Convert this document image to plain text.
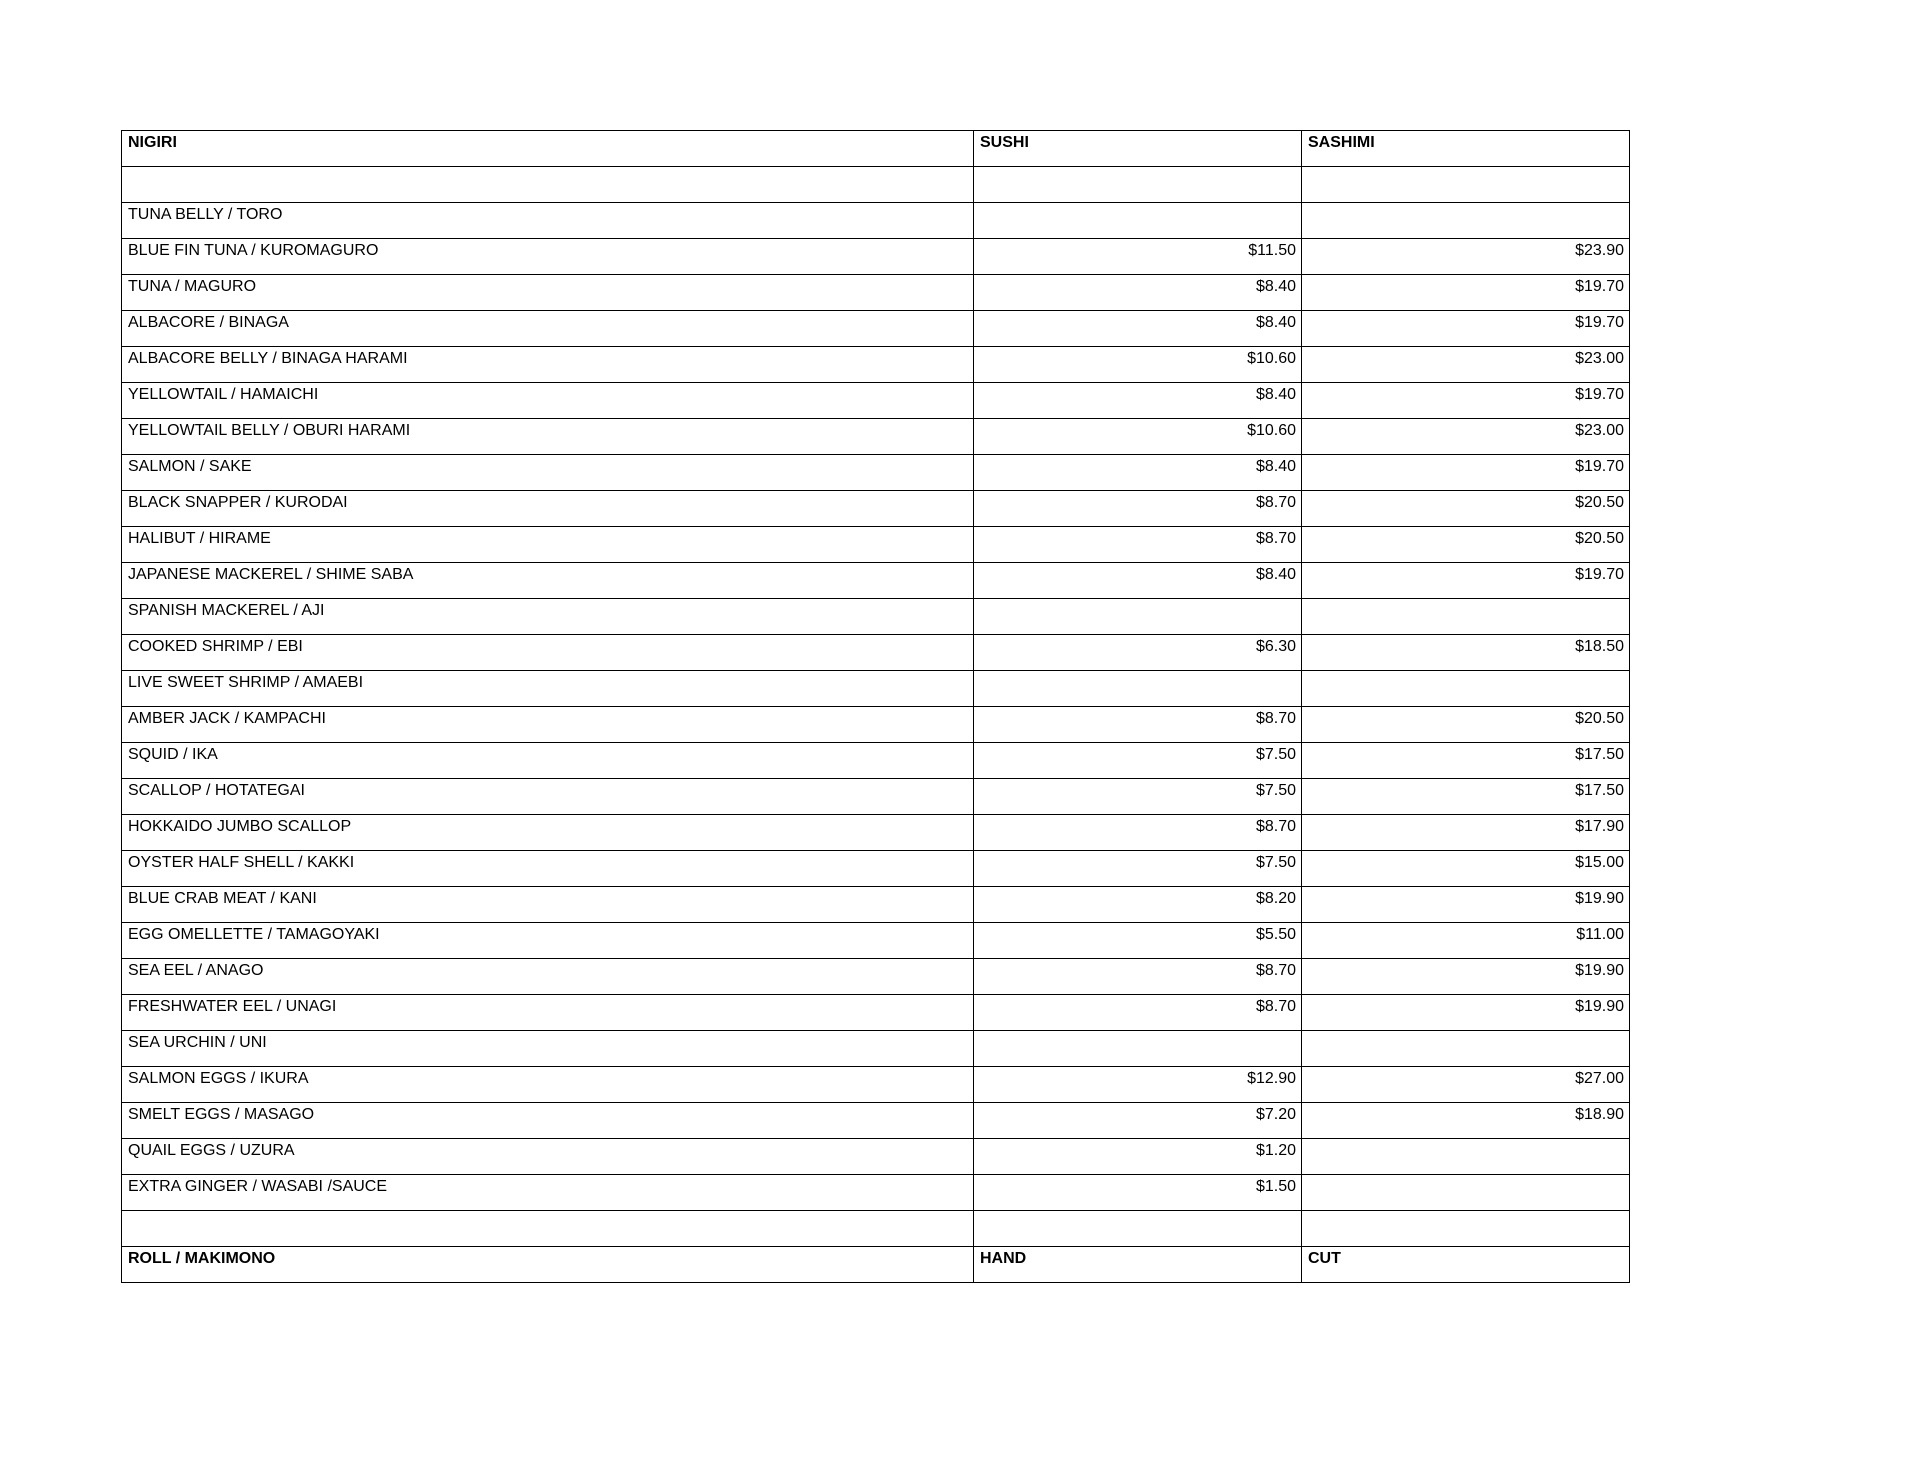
NIGIRI	SUSHI	SASHIMI

TUNA BELLY / TORO		
BLUE FIN TUNA / KUROMAGURO	$11.50	$23.90
TUNA / MAGURO	$8.40	$19.70
ALBACORE / BINAGA	$8.40	$19.70
ALBACORE BELLY / BINAGA HARAMI	$10.60	$23.00
YELLOWTAIL / HAMAICHI	$8.40	$19.70
YELLOWTAIL BELLY / OBURI HARAMI	$10.60	$23.00
SALMON / SAKE	$8.40	$19.70
BLACK SNAPPER / KURODAI	$8.70	$20.50
HALIBUT / HIRAME	$8.70	$20.50
JAPANESE MACKEREL / SHIME SABA	$8.40	$19.70
SPANISH MACKEREL / AJI		
COOKED SHRIMP / EBI	$6.30	$18.50
LIVE SWEET SHRIMP / AMAEBI		
AMBER JACK / KAMPACHI	$8.70	$20.50
SQUID / IKA	$7.50	$17.50
SCALLOP / HOTATEGAI	$7.50	$17.50
HOKKAIDO JUMBO SCALLOP	$8.70	$17.90
OYSTER HALF SHELL / KAKKI	$7.50	$15.00
BLUE CRAB MEAT / KANI	$8.20	$19.90
EGG OMELLETTE / TAMAGOYAKI	$5.50	$11.00
SEA EEL / ANAGO	$8.70	$19.90
FRESHWATER EEL / UNAGI	$8.70	$19.90
SEA URCHIN / UNI		
SALMON EGGS / IKURA	$12.90	$27.00
SMELT EGGS / MASAGO	$7.20	$18.90
QUAIL EGGS / UZURA	$1.20	
EXTRA GINGER / WASABI /SAUCE	$1.50	

ROLL / MAKIMONO	HAND	CUT
